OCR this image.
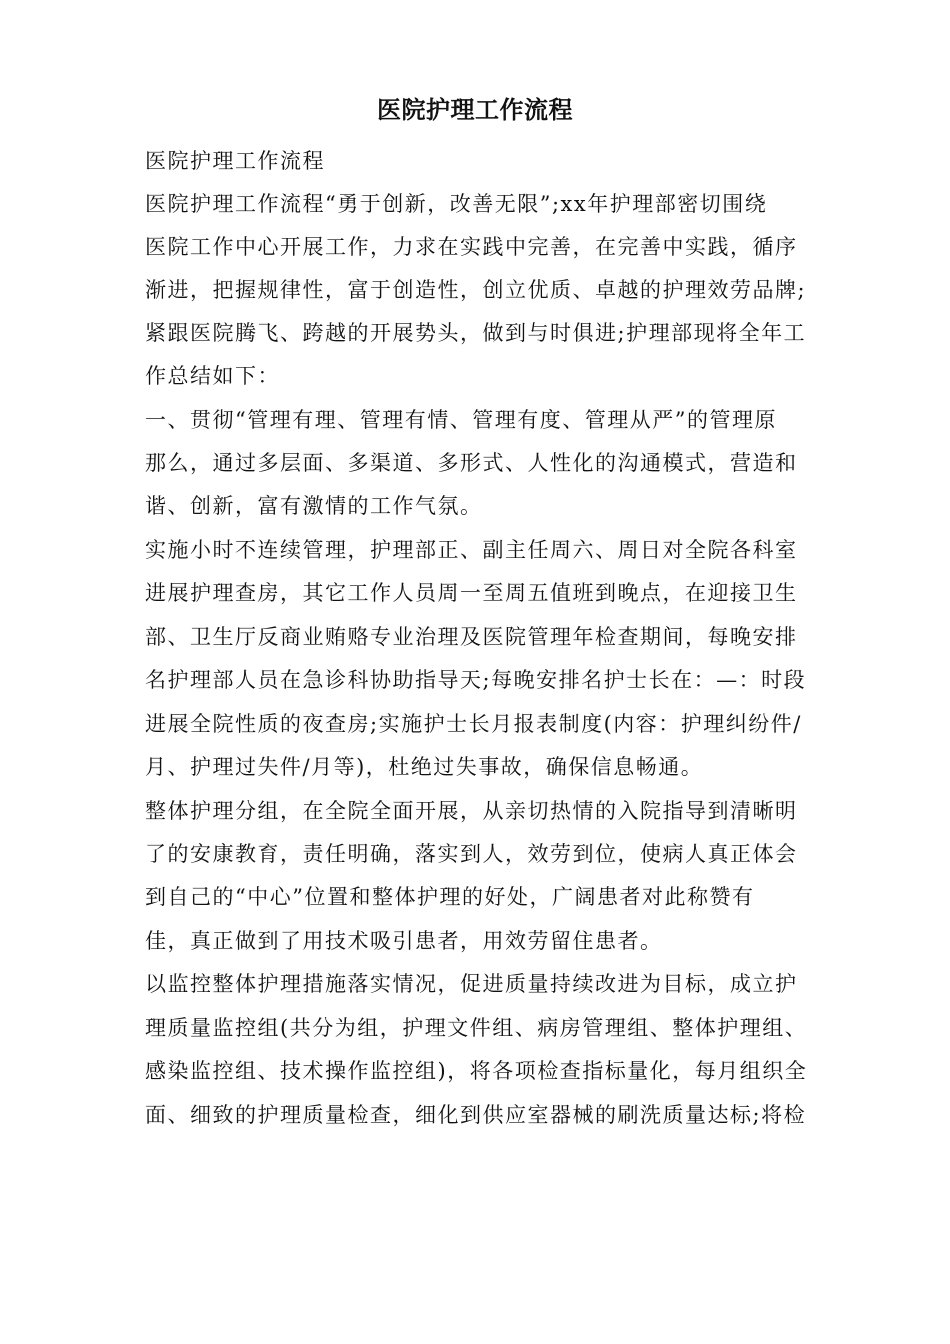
医院护理工作流程
医院护理工作流程
医院护理工作流程“勇于创新，改善无限”;xx年护理部密切围绕
医院工作中心开展工作，力求在实践中完善，在完善中实践，循序
渐进，把握规律性，富于创造性，创立优质、卓越的护理效劳品牌;
紧跟医院腾飞、跨越的开展势头，做到与时俱进;护理部现将全年工
作总结如下：
一、贯彻“管理有理、管理有情、管理有度、管理从严”的管理原
那么，通过多层面、多渠道、多形式、人性化的沟通模式，营造和
谐、创新，富有激情的工作气氛。
实施小时不连续管理，护理部正、副主任周六、周日对全院各科室
进展护理查房，其它工作人员周一至周五值班到晚点，在迎接卫生
部、卫生厅反商业贿赂专业治理及医院管理年检查期间，每晚安排
名护理部人员在急诊科协助指导天;每晚安排名护士长在：—：时段
进展全院性质的夜查房;实施护士长月报表制度(内容：护理纠纷件/
月、护理过失件/月等)，杜绝过失事故，确保信息畅通。
整体护理分组，在全院全面开展，从亲切热情的入院指导到清晰明
了的安康教育，责任明确，落实到人，效劳到位，使病人真正体会
到自己的“中心”位置和整体护理的好处，广阔患者对此称赞有
佳，真正做到了用技术吸引患者，用效劳留住患者。
以监控整体护理措施落实情况，促进质量持续改进为目标，成立护
理质量监控组(共分为组，护理文件组、病房管理组、整体护理组、
感染监控组、技术操作监控组)，将各项检查指标量化，每月组织全
面、细致的护理质量检查，细化到供应室器械的刷洗质量达标;将检
